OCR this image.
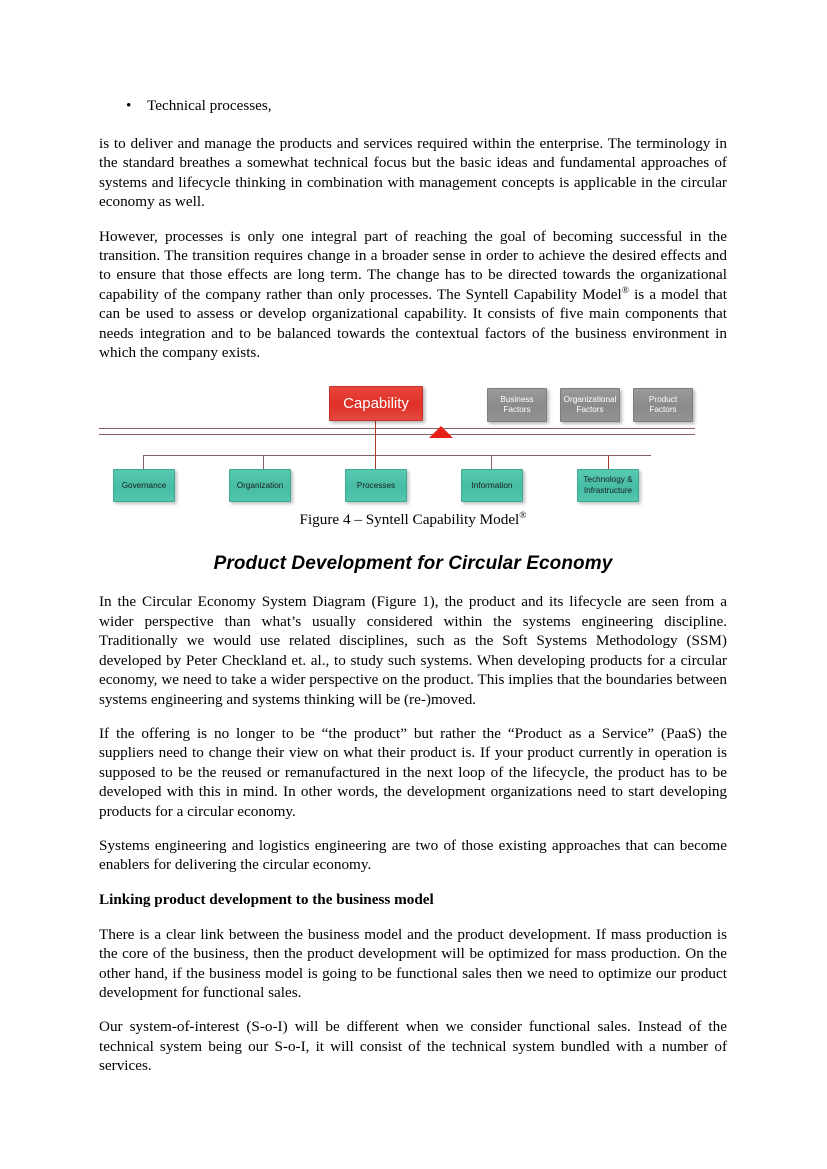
• Technical processes,

is to deliver and manage the products and services required within the enterprise. The terminology in the standard breathes a somewhat technical focus but the basic ideas and fundamental approaches of systems and lifecycle thinking in combination with management concepts is applicable in the circular economy as well.

However, processes is only one integral part of reaching the goal of becoming successful in the transition. The transition requires change in a broader sense in order to achieve the desired effects and to ensure that those effects are long term. The change has to be directed towards the organizational capability of the company rather than only processes. The Syntell Capability Model® is a model that can be used to assess or develop organizational capability. It consists of five main components that needs integration and to be balanced towards the contextual factors of the business environment in which the company exists.

Capability	Business
Factors
Organizational
Factors
Product
Factors
Governance	Organization	Processes	Information
Technology &
Infrastructure
Figure 4 – Syntell Capability Model®
Product Development for Circular Economy

In the Circular Economy System Diagram (Figure 1), the product and its lifecycle are seen from a wider perspective than what’s usually considered within the systems engineering discipline. Traditionally we would use related disciplines, such as the Soft Systems Methodology (SSM) developed by Peter Checkland et. al., to study such systems. When developing products for a circular economy, we need to take a wider perspective on the product. This implies that the boundaries between systems engineering and systems thinking will be (re-)moved.

If the offering is no longer to be “the product” but rather the “Product as a Service” (PaaS) the suppliers need to change their view on what their product is. If your product currently in operation is supposed to be the reused or remanufactured in the next loop of the lifecycle, the product has to be developed with this in mind. In other words, the development organizations need to start developing products for a circular economy.

Systems engineering and logistics engineering are two of those existing approaches that can become enablers for delivering the circular economy.

Linking product development to the business model

There is a clear link between the business model and the product development. If mass production is the core of the business, then the product development will be optimized for mass production. On the other hand, if the business model is going to be functional sales then we need to optimize our product development for functional sales.

Our system-of-interest (S-o-I) will be different when we consider functional sales. Instead of the technical system being our S-o-I, it will consist of the technical system bundled with a number of services.
